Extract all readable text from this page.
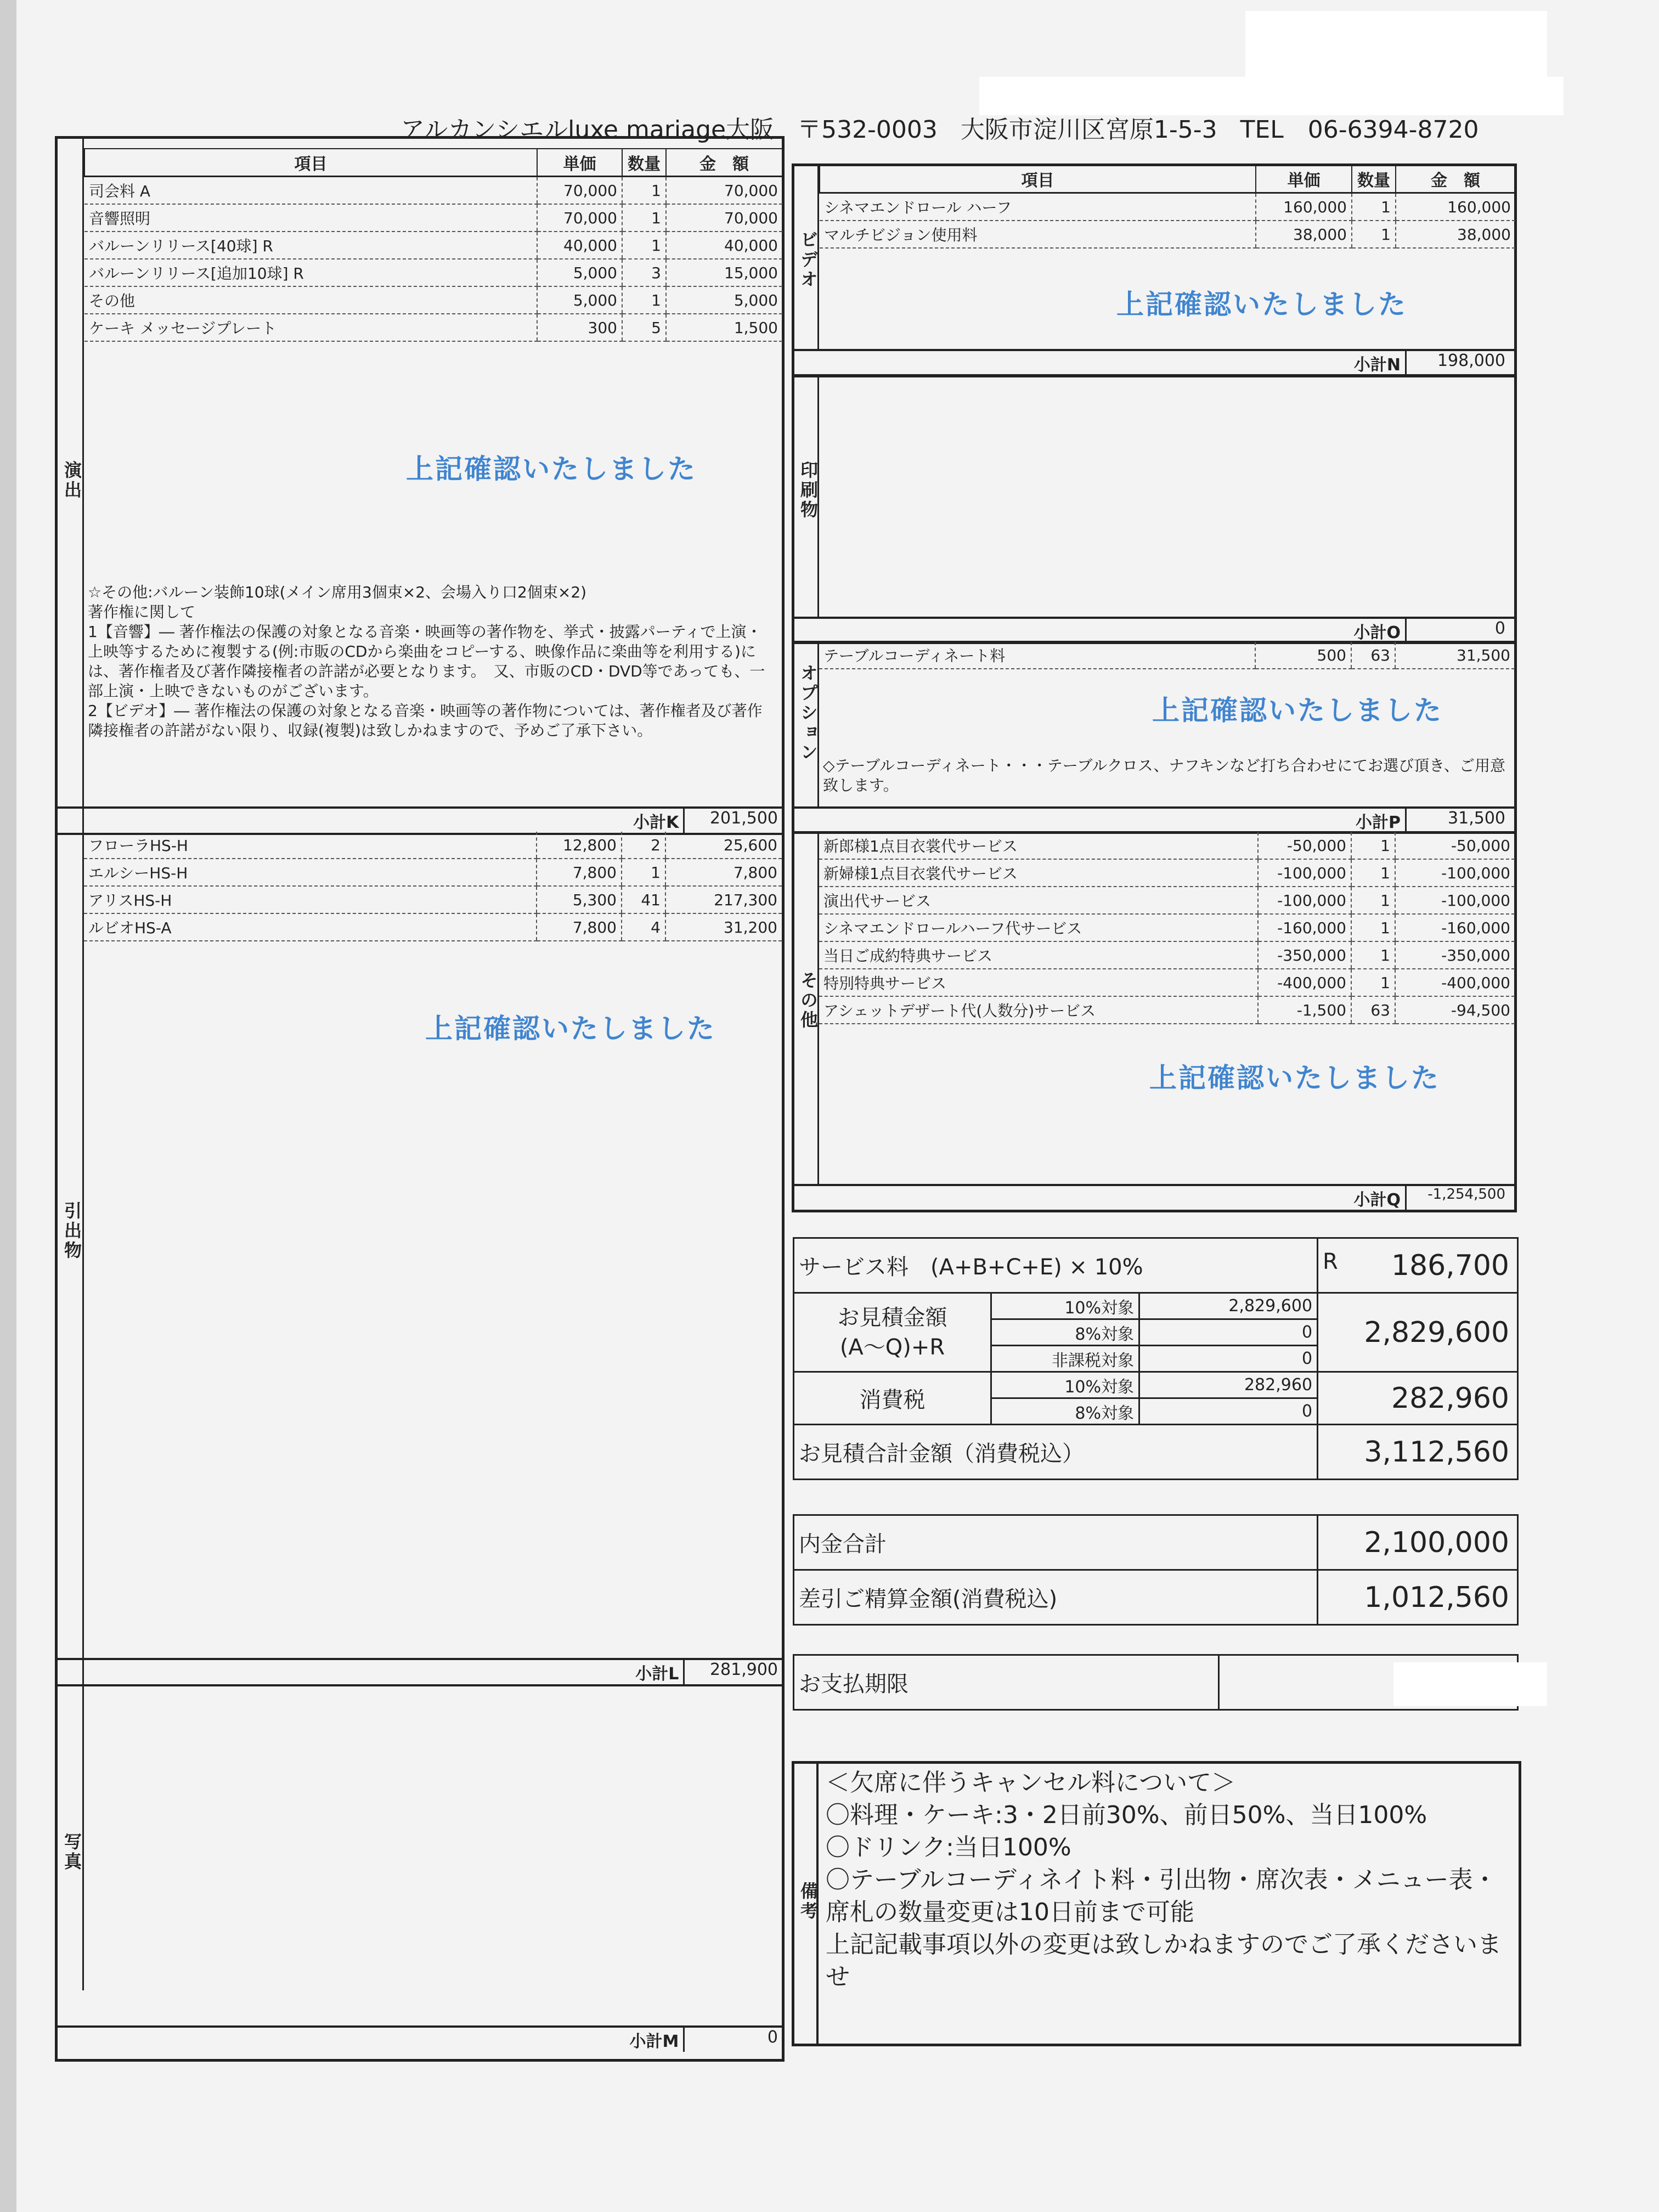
アルカンシエルluxe mariage大阪 〒532-0003 大阪市淀川区宮原1-5-3 TEL　06-6394-8720
演出
項目	単価	数量	金　額
司会料 A	70,000	1	70,000
音響照明	70,000	1	70,000
バルーンリリース[40球] R	40,000	1	40,000
バルーンリリース[追加10球] R	5,000	3	15,000
その他	5,000	1	5,000
ケーキ メッセージプレート	300	5	1,500
上記確認いたしました
☆その他:バルーン装飾10球(メイン席用3個束×2、会場入り口2個束×2)
著作権に関して
1【音響】― 著作権法の保護の対象となる音楽・映画等の著作物を、挙式・披露パーティで上演・上映等するために複製する(例:市販のCDから楽曲をコピーする、映像作品に楽曲等を利用する)には、著作権者及び著作隣接権者の許諾が必要となります。　又、市販のCD・DVD等であっても、一部上演・上映できないものがございます。
2【ビデオ】― 著作権法の保護の対象となる音楽・映画等の著作物については、著作権者及び著作隣接権者の許諾がない限り、収録(複製)は致しかねますので、予めご了承下さい。
小計K	201,500
引出物
フローラHS-H	12,800	2	25,600
エルシーHS-H	7,800	1	7,800
アリスHS-H	5,300	41	217,300
ルビオHS-A	7,800	4	31,200
上記確認いたしました
小計L	281,900
写真
小計M	0
ビデオ
項目	単価	数量	金　額
シネマエンドロール ハーフ	160,000	1	160,000
マルチビジョン使用料	38,000	1	38,000
上記確認いたしました
小計N	198,000
印刷物
小計O	0
オプション
テーブルコーディネート料	500	63	31,500
上記確認いたしました
◇テーブルコーディネート・・・テーブルクロス、ナフキンなど打ち合わせにてお選び頂き、ご用意致します。
小計P	31,500
その他
新郎様1点目衣裳代サービス	-50,000	1	-50,000
新婦様1点目衣裳代サービス	-100,000	1	-100,000
演出代サービス	-100,000	1	-100,000
シネマエンドロールハーフ代サービス	-160,000	1	-160,000
当日ご成約特典サービス	-350,000	1	-350,000
特別特典サービス	-400,000	1	-400,000
アシェットデザート代(人数分)サービス	-1,500	63	-94,500
上記確認いたしました
小計Q	-1,254,500
サービス料　(A+B+C+E) × 10%			R 186,700

お見積金額
(A～Q)+R	10%対象	2,829,600	2,829,600
	8%対象	0	
	非課税対象	0	
消費税	10%対象	282,960	282,960
	8%対象	0	
お見積合計金額（消費税込）			3,112,560
内金合計	2,100,000
差引ご精算金額(消費税込)	1,012,560
お支払期限	
備考
＜欠席に伴うキャンセル料について＞
〇料理・ケーキ:3・2日前30%、前日50%、当日100%
〇ドリンク:当日100%
〇テーブルコーディネイト料・引出物・席次表・メニュー表・席札の数量変更は10日前まで可能
上記記載事項以外の変更は致しかねますのでご了承くださいませ
